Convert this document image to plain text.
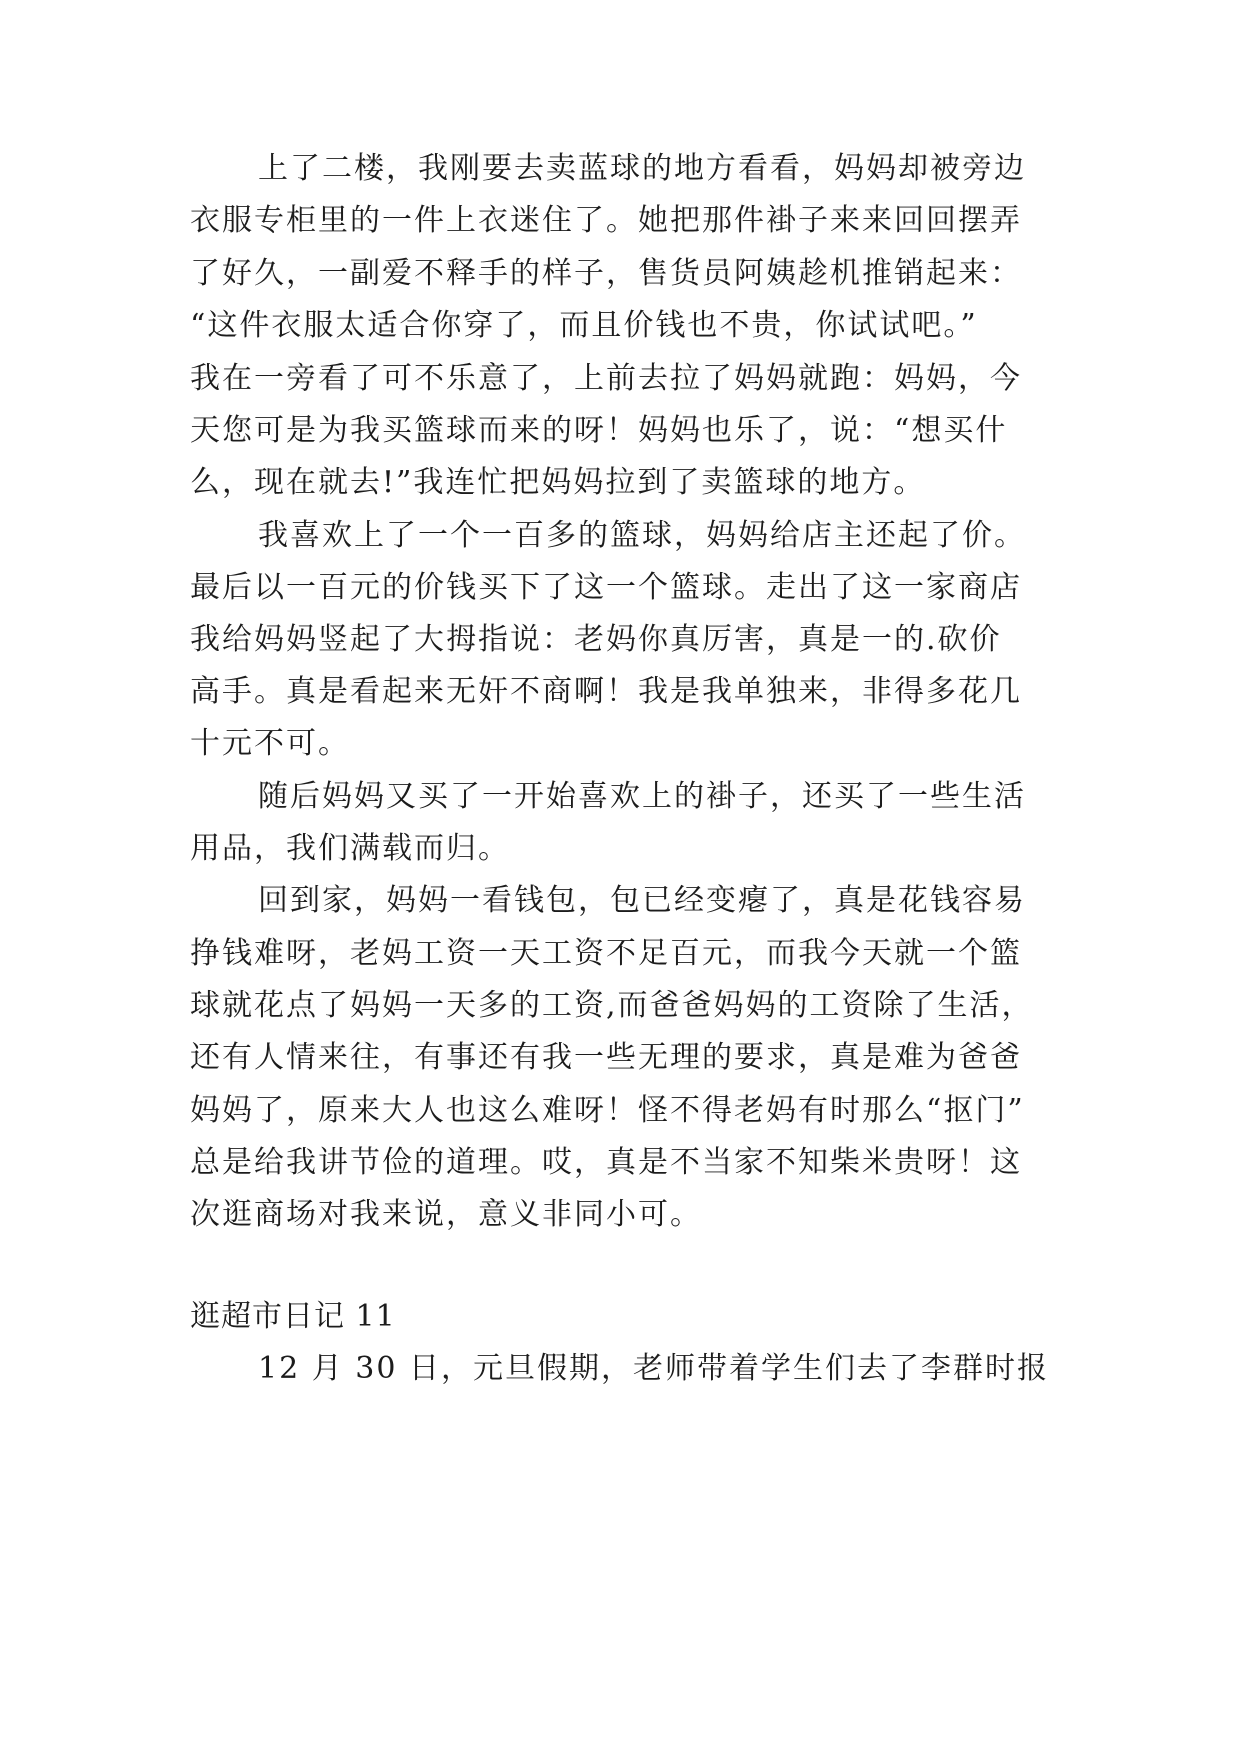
上了二楼，我刚要去卖蓝球的地方看看，妈妈却被旁边
衣服专柜里的一件上衣迷住了。她把那件褂子来来回回摆弄
了好久，一副爱不释手的样子，售货员阿姨趁机推销起来：
“这件衣服太适合你穿了，而且价钱也不贵，你试试吧。”
我在一旁看了可不乐意了，上前去拉了妈妈就跑：妈妈，今
天您可是为我买篮球而来的呀！妈妈也乐了，说：“想买什
么，现在就去!”我连忙把妈妈拉到了卖篮球的地方。
我喜欢上了一个一百多的篮球，妈妈给店主还起了价。
最后以一百元的价钱买下了这一个篮球。走出了这一家商店
我给妈妈竖起了大拇指说：老妈你真厉害，真是一的.砍价
高手。真是看起来无奸不商啊！我是我单独来，非得多花几
十元不可。
随后妈妈又买了一开始喜欢上的褂子，还买了一些生活
用品，我们满载而归。
回到家，妈妈一看钱包，包已经变瘪了，真是花钱容易
挣钱难呀，老妈工资一天工资不足百元，而我今天就一个篮
球就花点了妈妈一天多的工资,而爸爸妈妈的工资除了生活，
还有人情来往，有事还有我一些无理的要求，真是难为爸爸
妈妈了，原来大人也这么难呀！怪不得老妈有时那么“抠门”
总是给我讲节俭的道理。哎，真是不当家不知柴米贵呀！这
次逛商场对我来说，意义非同小可。
逛超市日记 11
12 月 30 日，元旦假期，老师带着学生们去了李群时报
